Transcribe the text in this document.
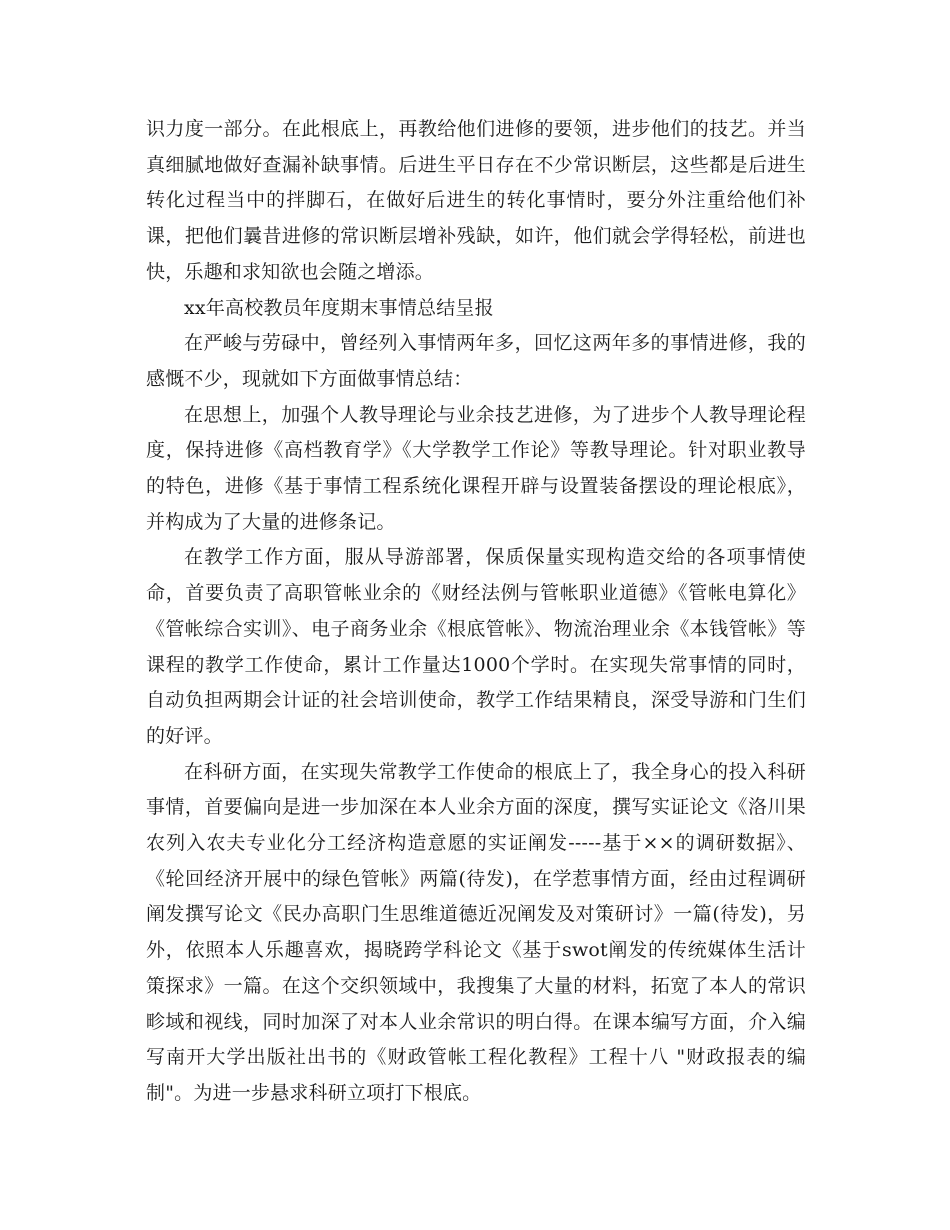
识力度一部分。在此根底上，再教给他们进修的要领，进步他们的技艺。并当真细腻地做好查漏补缺事情。后进生平日存在不少常识断层，这些都是后进生转化过程当中的拌脚石，在做好后进生的转化事情时，要分外注重给他们补课，把他们曩昔进修的常识断层增补残缺，如许，他们就会学得轻松，前进也快，乐趣和求知欲也会随之增添。

xx年高校教员年度期末事情总结呈报

在严峻与劳碌中，曾经列入事情两年多，回忆这两年多的事情进修，我的感慨不少，现就如下方面做事情总结：

在思想上，加强个人教导理论与业余技艺进修，为了进步个人教导理论程度，保持进修《高档教育学》《大学教学工作论》等教导理论。针对职业教导的特色，进修《基于事情工程系统化课程开辟与设置装备摆设的理论根底》，并构成为了大量的进修条记。

在教学工作方面，服从导游部署，保质保量实现构造交给的各项事情使命，首要负责了高职管帐业余的《财经法例与管帐职业道德》《管帐电算化》《管帐综合实训》、电子商务业余《根底管帐》、物流治理业余《本钱管帐》等课程的教学工作使命，累计工作量达1000个学时。在实现失常事情的同时，自动负担两期会计证的社会培训使命，教学工作结果精良，深受导游和门生们的好评。

在科研方面，在实现失常教学工作使命的根底上了，我全身心的投入科研事情，首要偏向是进一步加深在本人业余方面的深度，撰写实证论文《洛川果农列入农夫专业化分工经济构造意愿的实证阐发-----基于××的调研数据》、《轮回经济开展中的绿色管帐》两篇(待发)，在学惹事情方面，经由过程调研阐发撰写论文《民办高职门生思维道德近况阐发及对策研讨》一篇(待发)，另外，依照本人乐趣喜欢，揭晓跨学科论文《基于swot阐发的传统媒体生活计策探求》一篇。在这个交织领域中，我搜集了大量的材料，拓宽了本人的常识畛域和视线，同时加深了对本人业余常识的明白得。在课本编写方面，介入编写南开大学出版社出书的《财政管帐工程化教程》工程十八 "财政报表的编制"。为进一步悬求科研立项打下根底。
